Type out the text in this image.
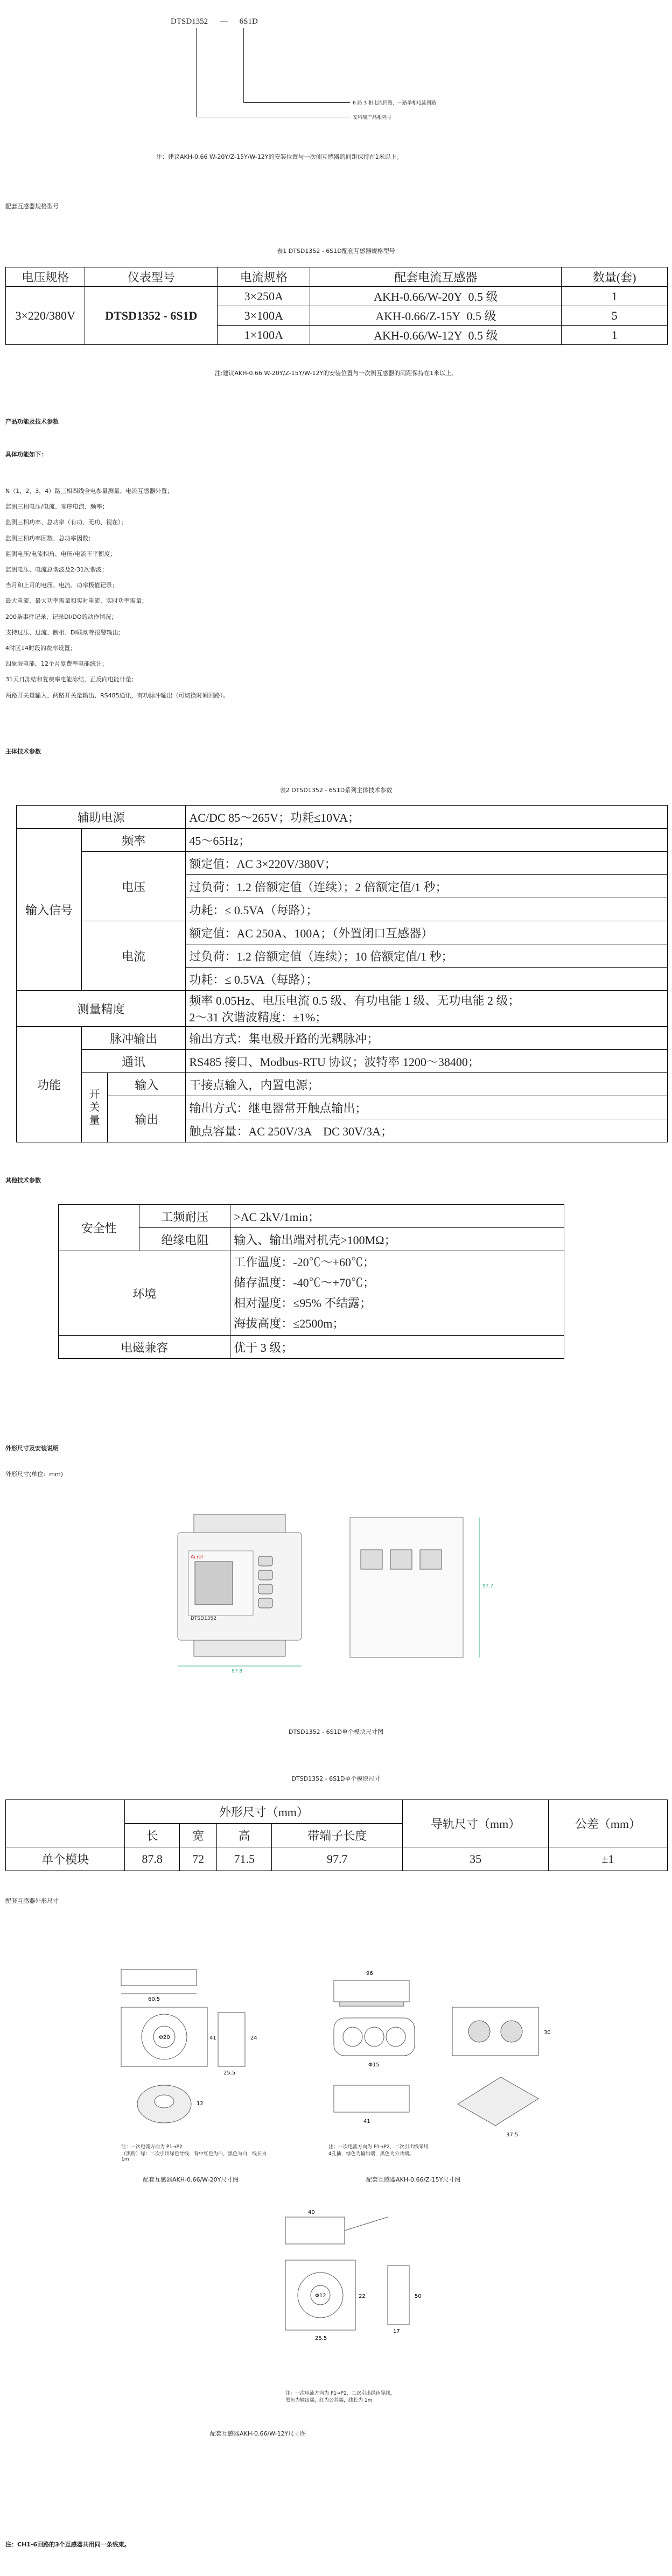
DTSD1352 — 6S1D
6 路 3 相电流回路，一路单相电流回路
安科瑞产品系列号
注：建议AKH-0.66 W-20Y/Z-15Y/W-12Y的安装位置与一次侧互感器的间距保持在1米以上。
配套互感器规格型号
表1 DTSD1352 - 6S1D配套互感器规格型号
电压规格	仪表型号	电流规格	配套电流互感器	数量(套)
3×220/380V	DTSD1352 - 6S1D	3×250A	AKH-0.66/W-20Y 0.5 级	1
		3×100A	AKH-0.66/Z-15Y 0.5 级	5
		1×100A	AKH-0.66/W-12Y 0.5 级	1
注:建议AKH-0.66 W-20Y/Z-15Y/W-12Y的安装位置与一次侧互感器的间距保持在1米以上。
产品功能及技术参数
具体功能如下：
N（1，2，3，4）路三相四线全电参量测量、电流互感器外置；
监测三相电压/电流、零序电流、频率；
监测三相功率、总功率（有功、无功、视在）；
监测三相功率因数、总功率因数；
监测电压/电流相角、电压/电流不平衡度；
监测电压、电流总谐波及2-31次谐波；
当月和上月的电压、电流、功率极值记录；
最大电流、最大功率需量和实时电流、实时功率需量；
200条事件记录，记录DI/DO的动作情况；
支持过压、过流、断相、DI联动等报警输出；
4时区14时段的费率设置；
四象限电能，12个月复费率电能统计；
31天日冻结和复费率电能冻结，正反向电能计量；
两路开关量输入、两路开关量输出、RS485通讯，有功脉冲输出（可切换时间回路）。
主体技术参数
表2 DTSD1352 - 6S1D系列主体技术参数
辅助电源			AC/DC 85～265V；功耗≤10VA；
输入信号	频率		45～65Hz；
	电压		额定值：AC 3×220V/380V；
			过负荷：1.2 倍额定值（连续）；2 倍额定值/1 秒；
			功耗：≤ 0.5VA（每路）；
	电流		额定值：AC 250A、100A；（外置闭口互感器）
			过负荷：1.2 倍额定值（连续）；10 倍额定值/1 秒；
			功耗：≤ 0.5VA（每路）；
测量精度			频率 0.05Hz、电压电流 0.5 级、有功电能 1 级、无功电能 2 级；
2～31 次谐波精度：±1%；

功能	脉冲输出		输出方式：集电极开路的光耦脉冲；
	通讯		RS485 接口、Modbus-RTU 协议；波特率 1200～38400；
	开关量	输入	干接点输入，内置电源；
		输出	输出方式：继电器常开触点输出；
			触点容量：AC 250V/3A　DC 30V/3A；
其他技术参数
安全性	工频耐压	>AC 2kV/1min；
	绝缘电阻	输入、输出端对机壳>100MΩ；
环境		工作温度：-20℃～+60℃；
储存温度：-40℃～+70℃；
相对湿度：≤95% 不结露；
海拔高度：≤2500m；

电磁兼容		优于 3 级；
外形尺寸及安装说明
外形尺寸(单位：mm)
Acrel
DTSD1352
87.8
97.7
DTSD1352 - 6S1D单个模块尺寸图
DTSD1352 - 6S1D单个模块尺寸
	外形尺寸（mm）				导轨尺寸（mm）	公差（mm）
	长	宽	高	带端子长度		
单个模块	87.8	72	71.5	97.7	35	±1
配套互感器外形尺寸
60.5
Φ20	41
25.5
24
12
注：一次电流方向为 P1→P2
（黑粉）绿：二次引出绿色导线，背中红色为白，黑色为白，线长为 1m
配套互感器AKH-0.66/W-20Y尺寸图
96
Φ15
30
41
37.5
注：一次电流方向为 P1→P2，二次引出线采用
4孔插，绿色为输出端，黑色为公共端。
配套互感器AKH-0.66/Z-15Y尺寸图
40
Φ12	22
25.5
17
50
注：一次电流方向为 P1→P2，二次引出绿色导线，
黑色为输出端，红为公共端，线长为 1m
配套互感器AKH-0.66/W-12Y尺寸图
注：CH1-6回路的3个互感器共用同一条线束。
